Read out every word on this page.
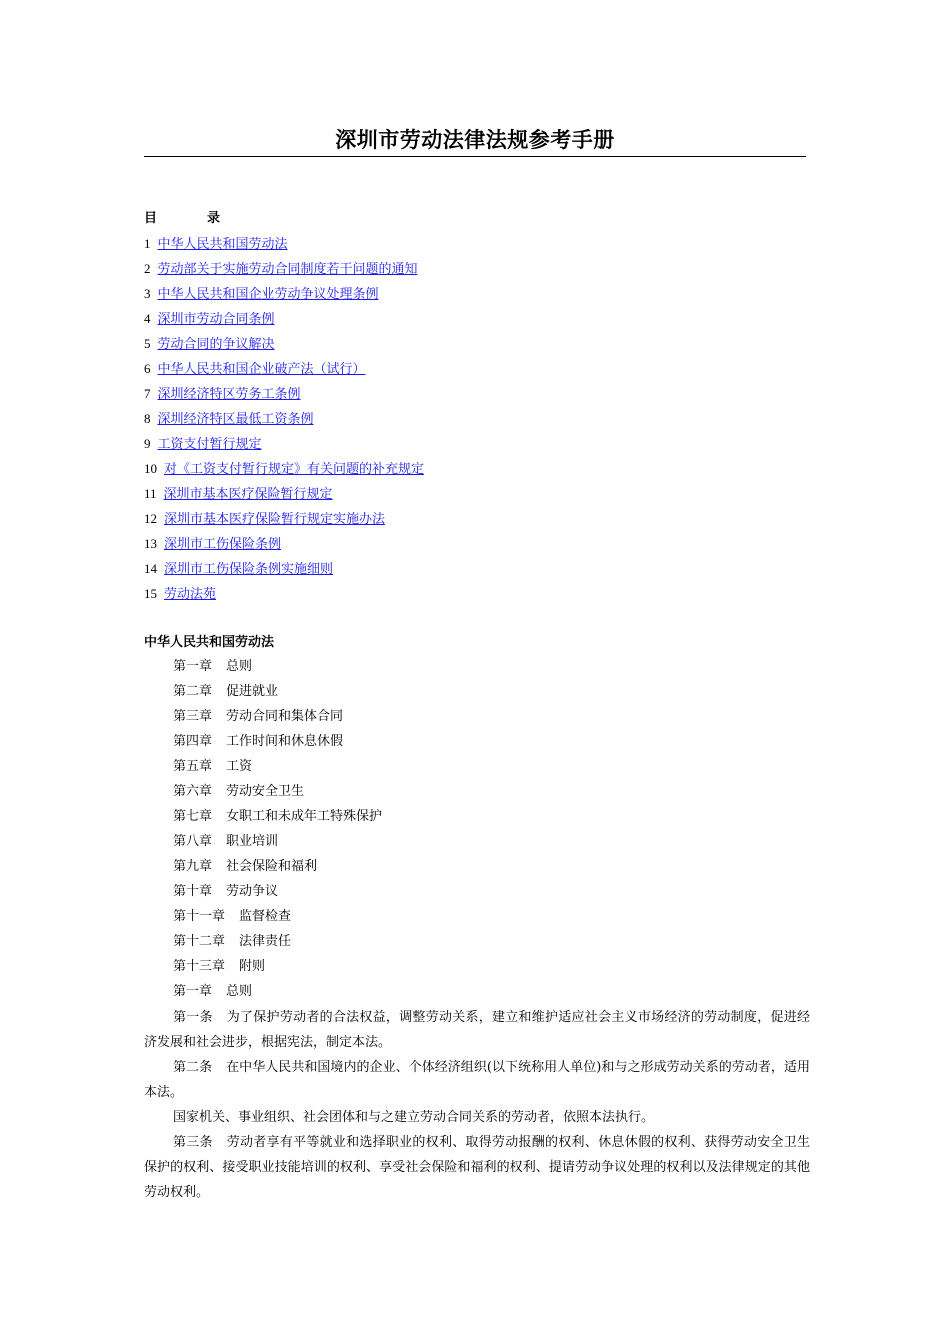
深圳市劳动法律法规参考手册
目	录
1 中华人民共和国劳动法
2 劳动部关于实施劳动合同制度若干问题的通知
3 中华人民共和国企业劳动争议处理条例
4 深圳市劳动合同条例
5 劳动合同的争议解决
6 中华人民共和国企业破产法（试行）
7 深圳经济特区劳务工条例
8 深圳经济特区最低工资条例
9 工资支付暂行规定
10 对《工资支付暂行规定》有关问题的补充规定
11 深圳市基本医疗保险暂行规定
12 深圳市基本医疗保险暂行规定实施办法
13 深圳市工伤保险条例
14 深圳市工伤保险条例实施细则
15 劳动法苑
中华人民共和国劳动法
第一章 总则
第二章 促进就业
第三章 劳动合同和集体合同
第四章 工作时间和休息休假
第五章 工资
第六章 劳动安全卫生
第七章 女职工和未成年工特殊保护
第八章 职业培训
第九章 社会保险和福利
第十章 劳动争议
第十一章 监督检查
第十二章 法律责任
第十三章 附则
第一章 总则

第一条 为了保护劳动者的合法权益，调整劳动关系，建立和维护适应社会主义市场经济的劳动制度，促进经济发展和社会进步，根据宪法，制定本法。

第二条 在中华人民共和国境内的企业、个体经济组织(以下统称用人单位)和与之形成劳动关系的劳动者，适用本法。

国家机关、事业组织、社会团体和与之建立劳动合同关系的劳动者，依照本法执行。

第三条 劳动者享有平等就业和选择职业的权利、取得劳动报酬的权利、休息休假的权利、获得劳动安全卫生保护的权利、接受职业技能培训的权利、享受社会保险和福利的权利、提请劳动争议处理的权利以及法律规定的其他劳动权利。
